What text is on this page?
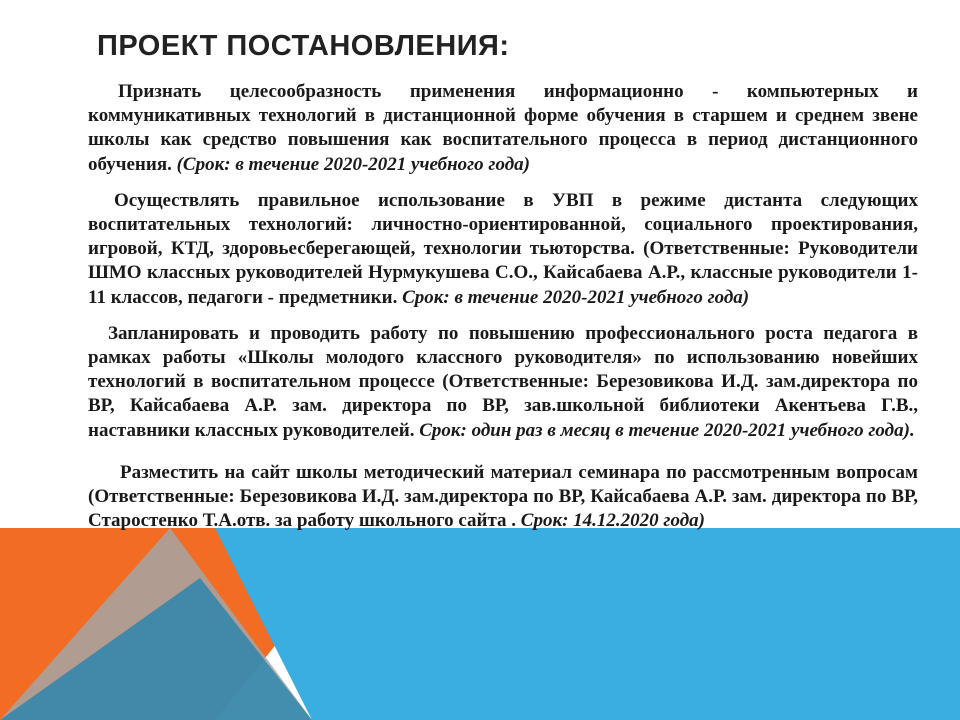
ПРОЕКТ ПОСТАНОВЛЕНИЯ:

Признать целесообразность применения информационно - компьютерных и коммуникативных технологий в дистанционной форме обучения в старшем и среднем звене школы как средство повышения как воспитательного процесса в период дистанционного обучения. (Срок: в течение 2020-2021 учебного года)

Осуществлять правильное использование в УВП в режиме дистанта следующих воспитательных технологий: личностно-ориентированной, социального проектирования, игровой, КТД, здоровьесберегающей, технологии тьюторства. (Ответственные: Руководители ШМО классных руководителей Нурмукушева С.О., Кайсабаева А.Р., классные руководители 1-11 классов, педагоги - предметники. Срок: в течение 2020-2021 учебного года)

Запланировать и проводить работу по повышению профессионального роста педагога в рамках работы «Школы молодого классного руководителя» по использованию новейших технологий в воспитательном процессе (Ответственные: Березовикова И.Д. зам.директора по ВР, Кайсабаева А.Р. зам. директора по ВР, зав.школьной библиотеки Акентьева Г.В., наставники классных руководителей. Срок: один раз в месяц в течение 2020-2021 учебного года).

Разместить на сайт школы методический материал семинара по рассмотренным вопросам (Ответственные: Березовикова И.Д. зам.директора по ВР, Кайсабаева А.Р. зам. директора по ВР, Старостенко Т.А.отв. за работу школьного сайта . Срок: 14.12.2020 года)
